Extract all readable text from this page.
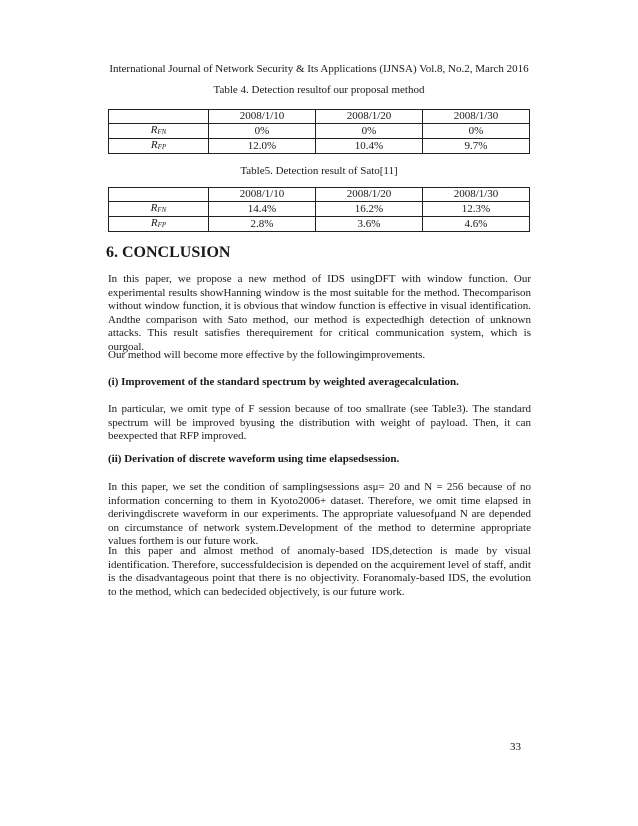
International Journal of Network Security & Its Applications (IJNSA) Vol.8, No.2, March 2016
Table 4. Detection resultof our proposal method
	2008/1/10	2008/1/20	2008/1/30
$R_{FN}$	0%	0%	0%
$R_{FP}$	12.0%	10.4%	9.7%
Table5. Detection result of Sato[11]
	2008/1/10	2008/1/20	2008/1/30
$R_{FN}$	14.4%	16.2%	12.3%
$R_{FP}$	2.8%	3.6%	4.6%
6. CONCLUSION

In this paper, we propose a new method of IDS usingDFT with window function. Our experimental results showHanning window is the most suitable for the method. Thecomparison without window function, it is obvious that window function is effective in visual identification. Andthe comparison with Sato method, our method is expectedhigh detection of unknown attacks. This result satisfies therequirement for critical communication system, which is ourgoal.

Our method will become more effective by the followingimprovements.

(i) Improvement of the standard spectrum by weighted averagecalculation.

In particular, we omit type of F session because of too smallrate (see Table3). The standard spectrum will be improved byusing the distribution with weight of payload. Then, it can beexpected that RFP improved.

(ii) Derivation of discrete waveform using time elapsedsession.

In this paper, we set the condition of samplingsessions asμ= 20 and N = 256 because of no information concerning to them in Kyoto2006+ dataset. Therefore, we omit time elapsed in derivingdiscrete waveform in our experiments. The appropriate valuesofμand N are depended on circumstance of network system.Development of the method to determine appropriate values forthem is our future work.

In this paper and almost method of anomaly-based IDS,detection is made by visual identification. Therefore, successfuldecision is depended on the acquirement level of staff, andit is the disadvantageous point that there is no objectivity. Foranomaly-based IDS, the evolution to the method, which can bedecided objectively, is our future work.

33
